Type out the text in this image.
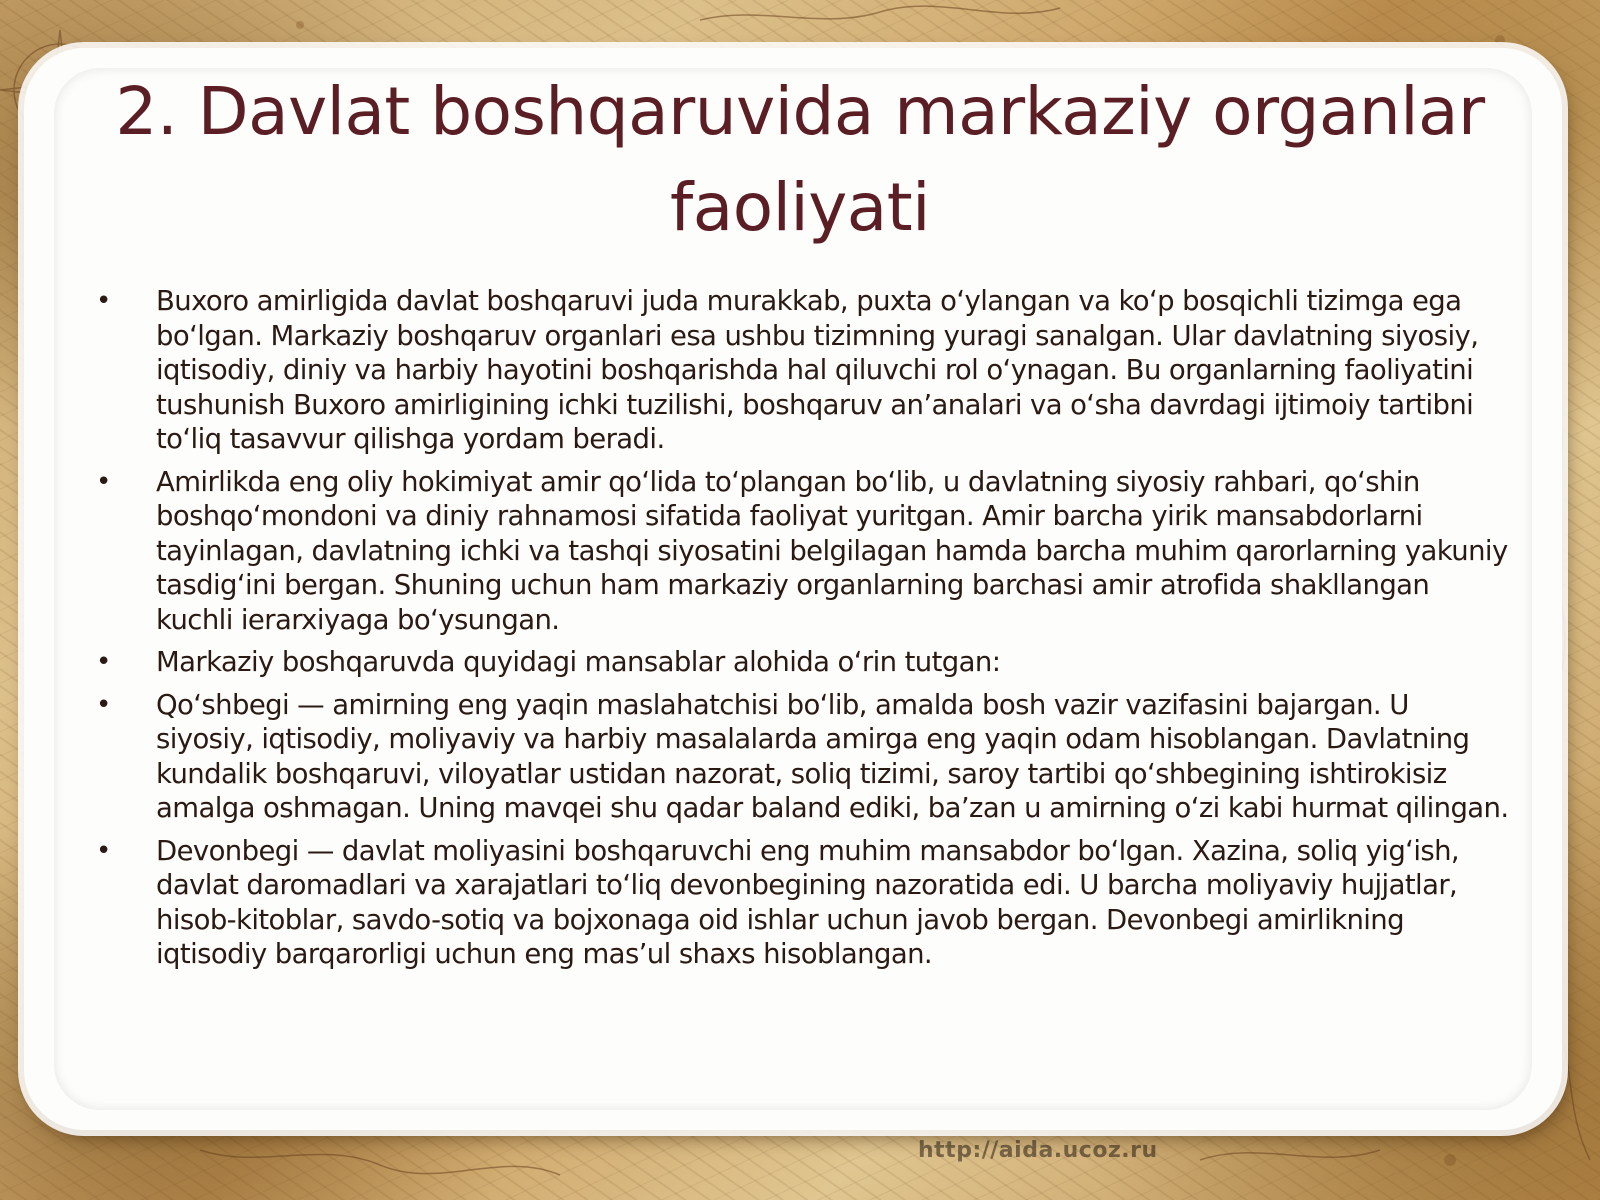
2. Davlat boshqaruvida markaziy organlar faoliyati
• Buxoro amirligida davlat boshqaruvi juda murakkab, puxta oʻylangan va koʻp bosqichli tizimga ega boʻlgan. Markaziy boshqaruv organlari esa ushbu tizimning yuragi sanalgan. Ular davlatning siyosiy, iqtisodiy, diniy va harbiy hayotini boshqarishda hal qiluvchi rol oʻynagan. Bu organlarning faoliyatini tushunish Buxoro amirligining ichki tuzilishi, boshqaruv an’analari va oʻsha davrdagi ijtimoiy tartibni toʻliq tasavvur qilishga yordam beradi.
• Amirlikda eng oliy hokimiyat amir qoʻlida toʻplangan boʻlib, u davlatning siyosiy rahbari, qoʻshin boshqoʻmondoni va diniy rahnamosi sifatida faoliyat yuritgan. Amir barcha yirik mansabdorlarni tayinlagan, davlatning ichki va tashqi siyosatini belgilagan hamda barcha muhim qarorlarning yakuniy tasdigʻini bergan. Shuning uchun ham markaziy organlarning barchasi amir atrofida shakllangan kuchli ierarxiyaga boʻysungan.
• Markaziy boshqaruvda quyidagi mansablar alohida oʻrin tutgan:
• Qoʻshbegi — amirning eng yaqin maslahatchisi boʻlib, amalda bosh vazir vazifasini bajargan. U siyosiy, iqtisodiy, moliyaviy va harbiy masalalarda amirga eng yaqin odam hisoblangan. Davlatning kundalik boshqaruvi, viloyatlar ustidan nazorat, soliq tizimi, saroy tartibi qoʻshbegining ishtirokisiz amalga oshmagan. Uning mavqei shu qadar baland ediki, ba’zan u amirning oʻzi kabi hurmat qilingan.
• Devonbegi — davlat moliyasini boshqaruvchi eng muhim mansabdor boʻlgan. Xazina, soliq yigʻish, davlat daromadlari va xarajatlari toʻliq devonbegining nazoratida edi. U barcha moliyaviy hujjatlar, hisob-kitoblar, savdo-sotiq va bojxonaga oid ishlar uchun javob bergan. Devonbegi amirlikning iqtisodiy barqarorligi uchun eng mas’ul shaxs hisoblangan.
http://aida.ucoz.ru
